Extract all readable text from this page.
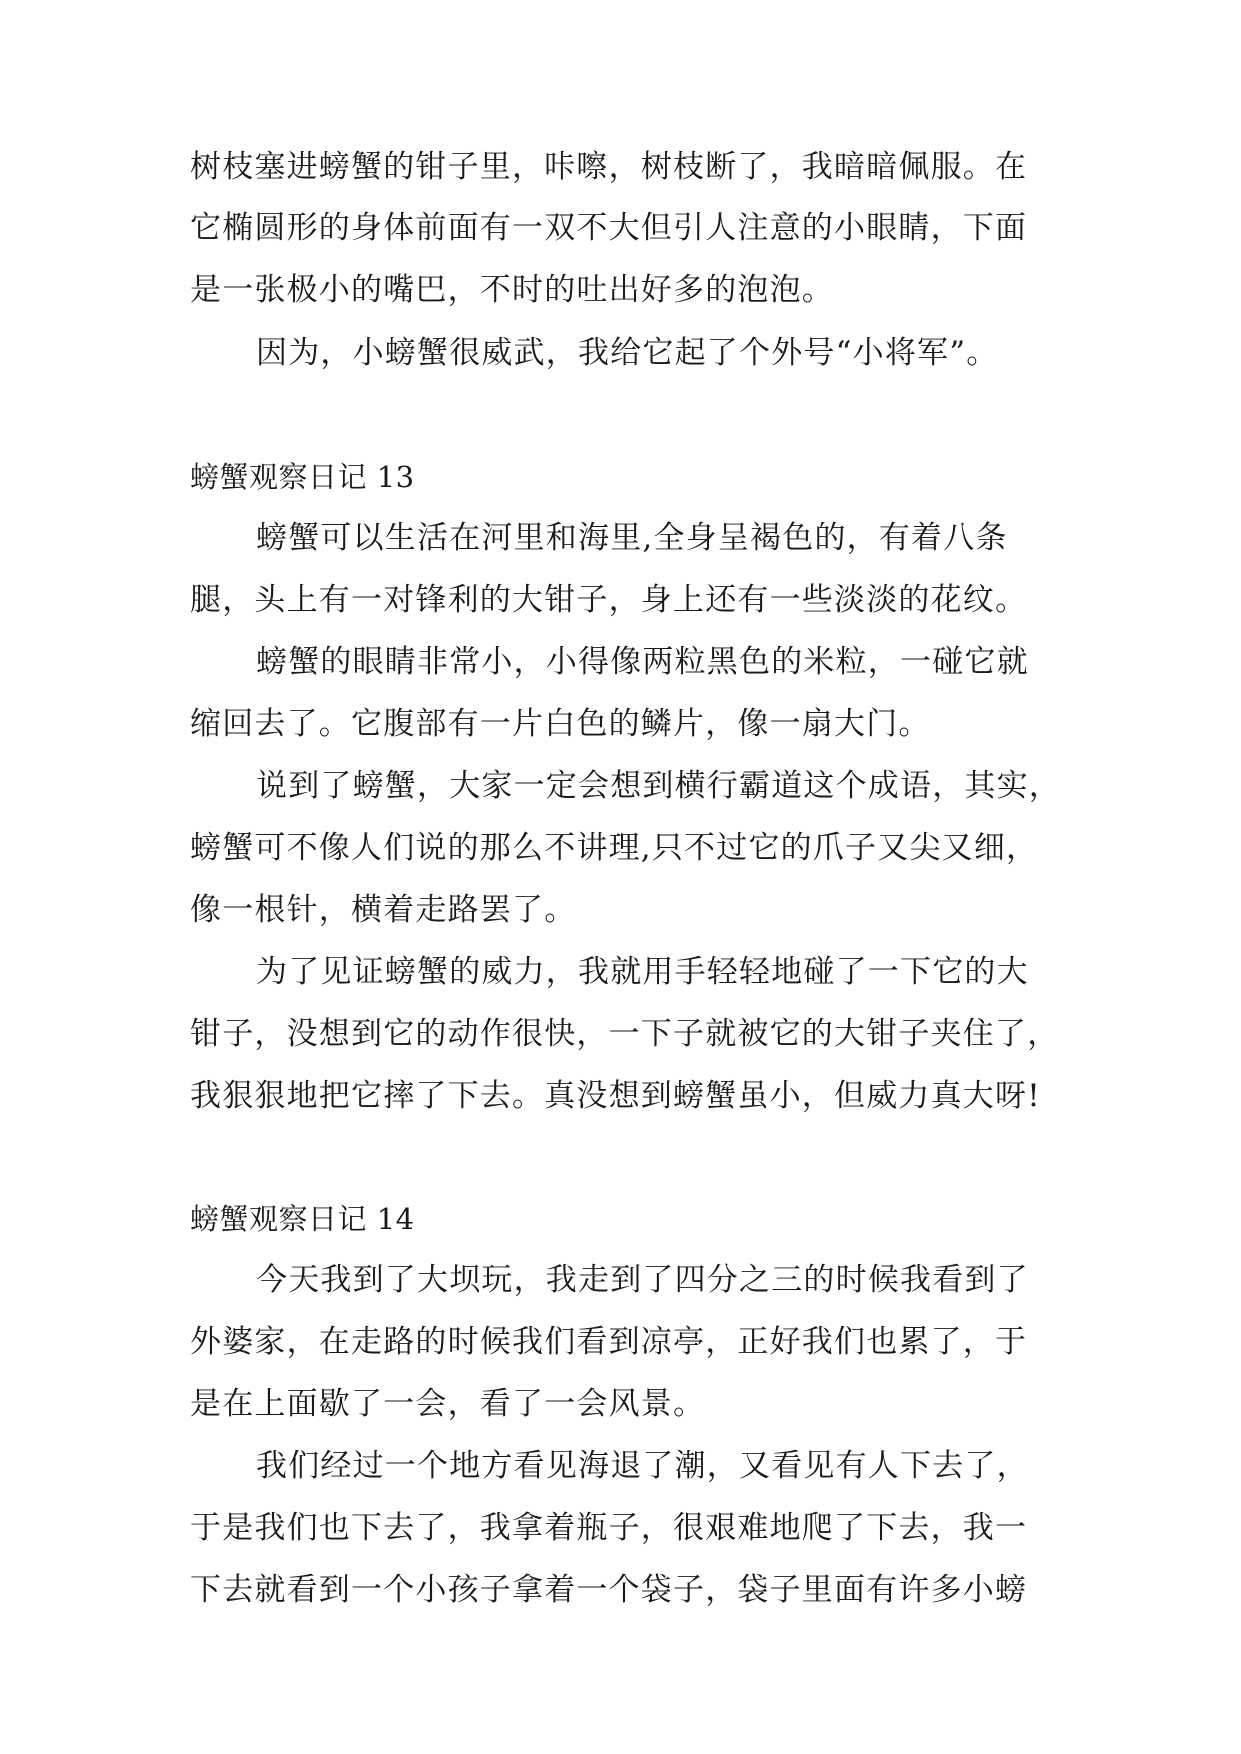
树枝塞进螃蟹的钳子里，咔嚓，树枝断了，我暗暗佩服。在
它椭圆形的身体前面有一双不大但引人注意的小眼睛，下面
是一张极小的嘴巴，不时的吐出好多的泡泡。
因为，小螃蟹很威武，我给它起了个外号“小将军”。
螃蟹观察日记 13
螃蟹可以生活在河里和海里,全身呈褐色的，有着八条
腿，头上有一对锋利的大钳子，身上还有一些淡淡的花纹。
螃蟹的眼睛非常小，小得像两粒黑色的米粒，一碰它就
缩回去了。它腹部有一片白色的鳞片，像一扇大门。
说到了螃蟹，大家一定会想到横行霸道这个成语，其实，
螃蟹可不像人们说的那么不讲理,只不过它的爪子又尖又细，
像一根针，横着走路罢了。
为了见证螃蟹的威力，我就用手轻轻地碰了一下它的大
钳子，没想到它的动作很快，一下子就被它的大钳子夹住了，
我狠狠地把它摔了下去。真没想到螃蟹虽小，但威力真大呀!
螃蟹观察日记 14
今天我到了大坝玩，我走到了四分之三的时候我看到了
外婆家，在走路的时候我们看到凉亭，正好我们也累了，于
是在上面歇了一会，看了一会风景。
我们经过一个地方看见海退了潮，又看见有人下去了，
于是我们也下去了，我拿着瓶子，很艰难地爬了下去，我一
下去就看到一个小孩子拿着一个袋子，袋子里面有许多小螃
